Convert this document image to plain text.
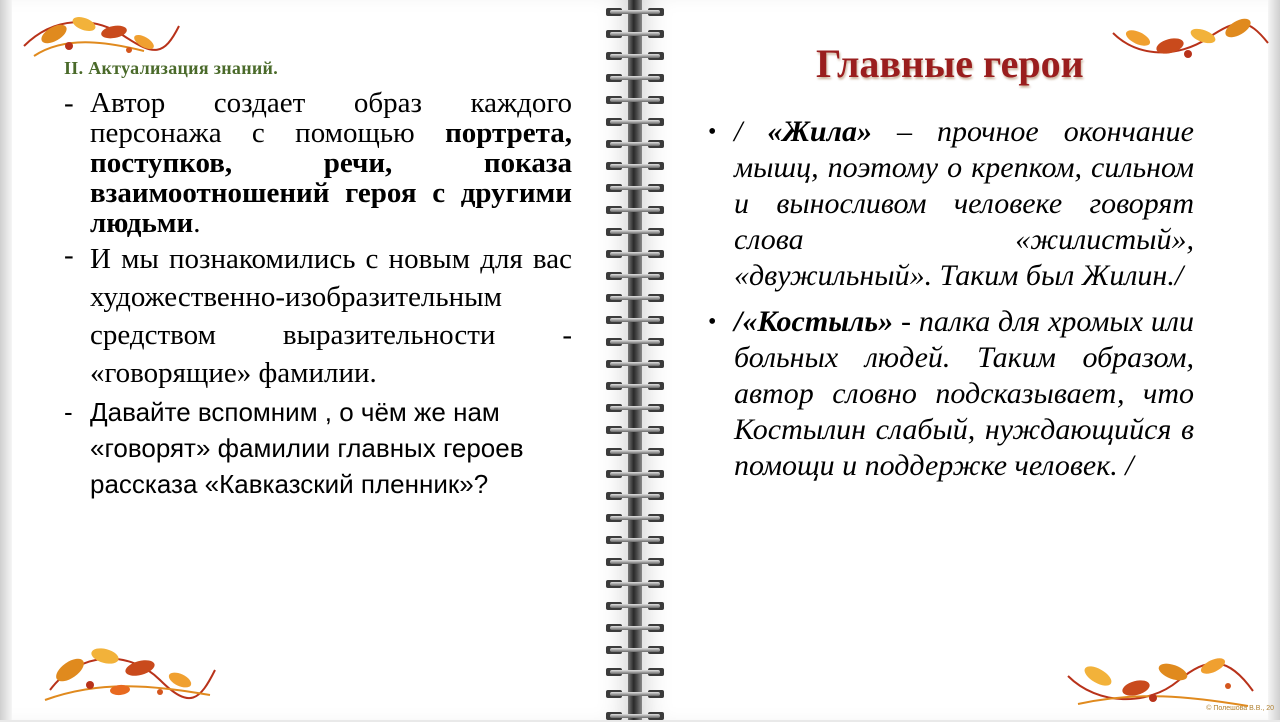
II. Актуализация знаний.
- Автор создает образ каждого персонажа с помощью портрета, поступков, речи, показа взаимоотношений героя с другими людьми.
- И мы познакомились с новым для вас художественно-изобразительным средством выразительности - «говорящие» фамилии.
- Давайте вспомним , о чём же нам «говорят» фамилии главных героев рассказа «Кавказский пленник»?
Главные герои
• / «Жила» – прочное окончание мышц, поэтому о крепком, сильном и выносливом человеке говорят слова «жилистый», «двужильный». Таким был Жилин./
• /«Костыль» - палка для хромых или больных людей. Таким образом, автор словно подсказывает, что Костылин слабый, нуждающийся в помощи и поддержке человек. /
© Полешова В.В., 20
